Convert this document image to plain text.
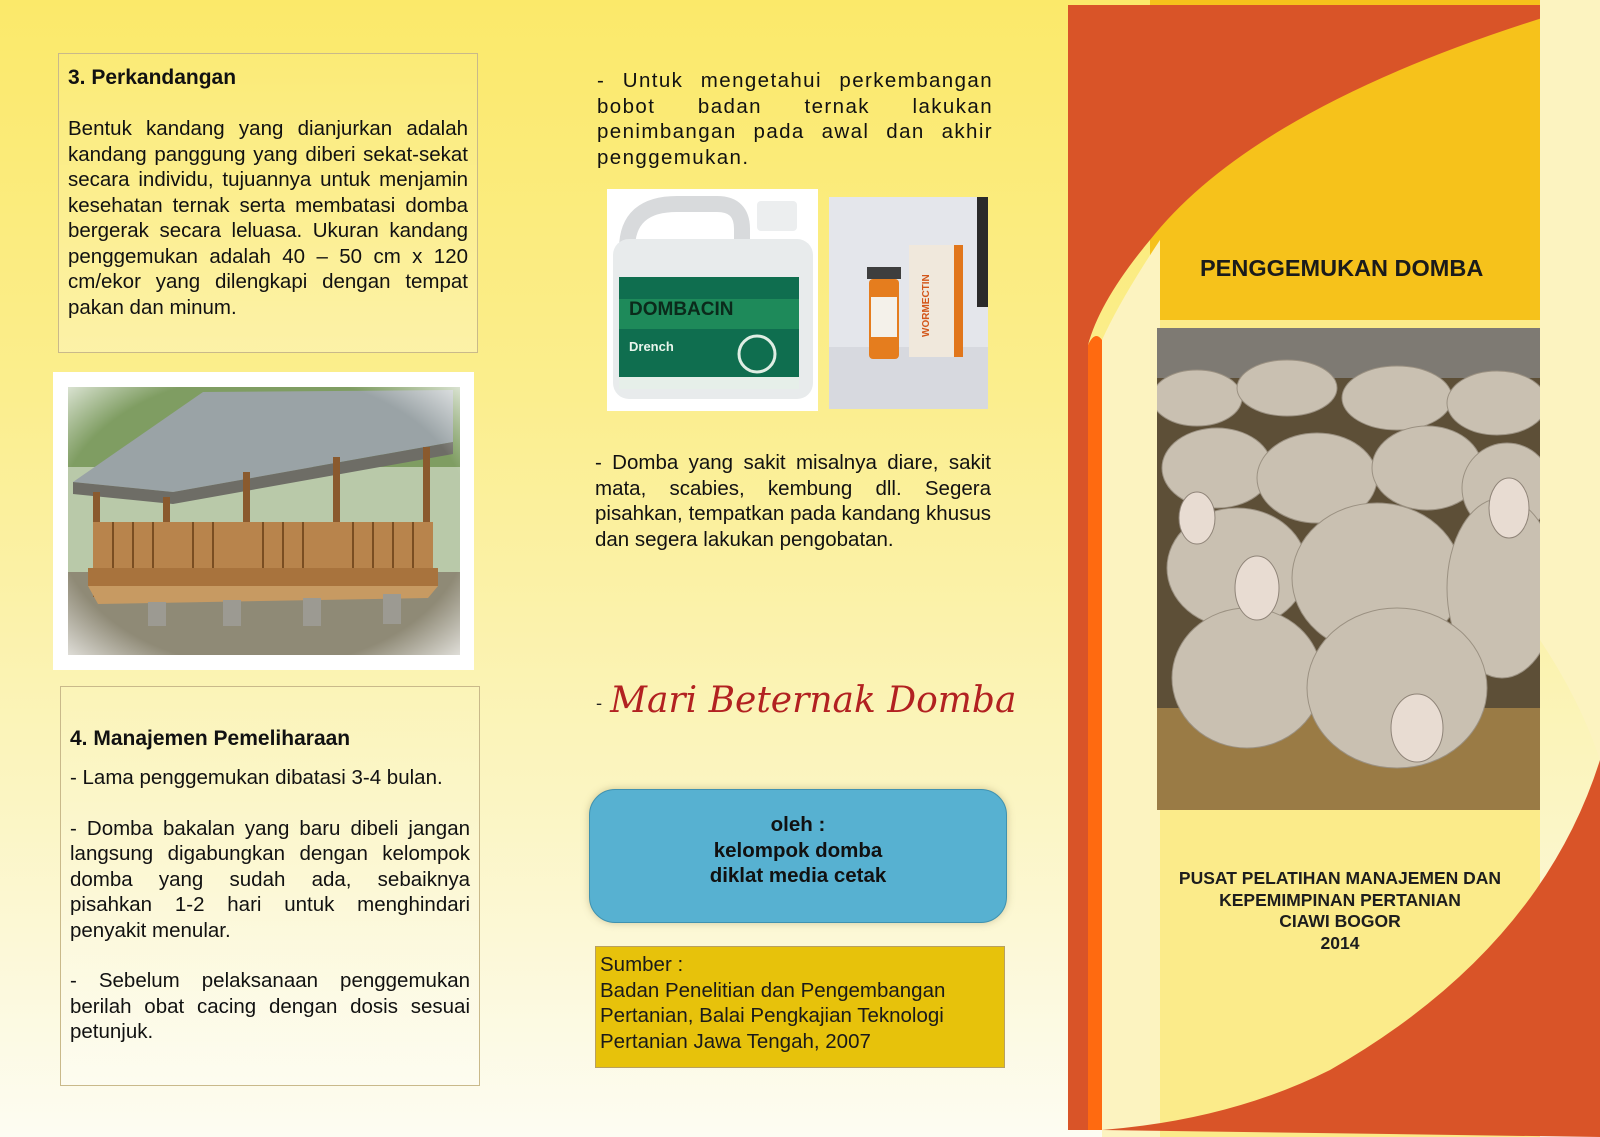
3. Perkandangan

Bentuk kandang yang dianjurkan adalah kandang panggung yang diberi sekat-sekat secara individu, tujuannya untuk menjamin kesehatan ternak serta membatasi domba bergerak secara leluasa. Ukuran kandang penggemukan adalah 40 – 50 cm x 120 cm/ekor yang dilengkapi dengan tempat pakan dan minum.

4. Manajemen Pemeliharaan

- Lama penggemukan dibatasi 3-4 bulan.

- Domba bakalan yang baru dibeli jangan langsung digabungkan dengan kelompok domba yang sudah ada, sebaiknya pisahkan 1-2 hari untuk menghindari penyakit menular.

- Sebelum pelaksanaan penggemukan berilah obat cacing dengan dosis sesuai petunjuk.

- Untuk mengetahui perkembangan bobot badan ternak lakukan penimbangan pada awal dan akhir penggemukan.

DOMBACIN
Drench
WORMECTIN

- Domba yang sakit misalnya diare, sakit mata, scabies, kembung dll. Segera pisahkan, tempatkan pada kandang khusus dan segera lakukan pengobatan.

- Mari Beternak Domba
oleh :
kelompok domba
diklat media cetak
Sumber :
Badan Penelitian dan Pengembangan Pertanian, Balai Pengkajian Teknologi Pertanian Jawa Tengah, 2007
PENGGEMUKAN DOMBA
PUSAT PELATIHAN MANAJEMEN DAN
KEPEMIMPINAN PERTANIAN
CIAWI BOGOR
2014
